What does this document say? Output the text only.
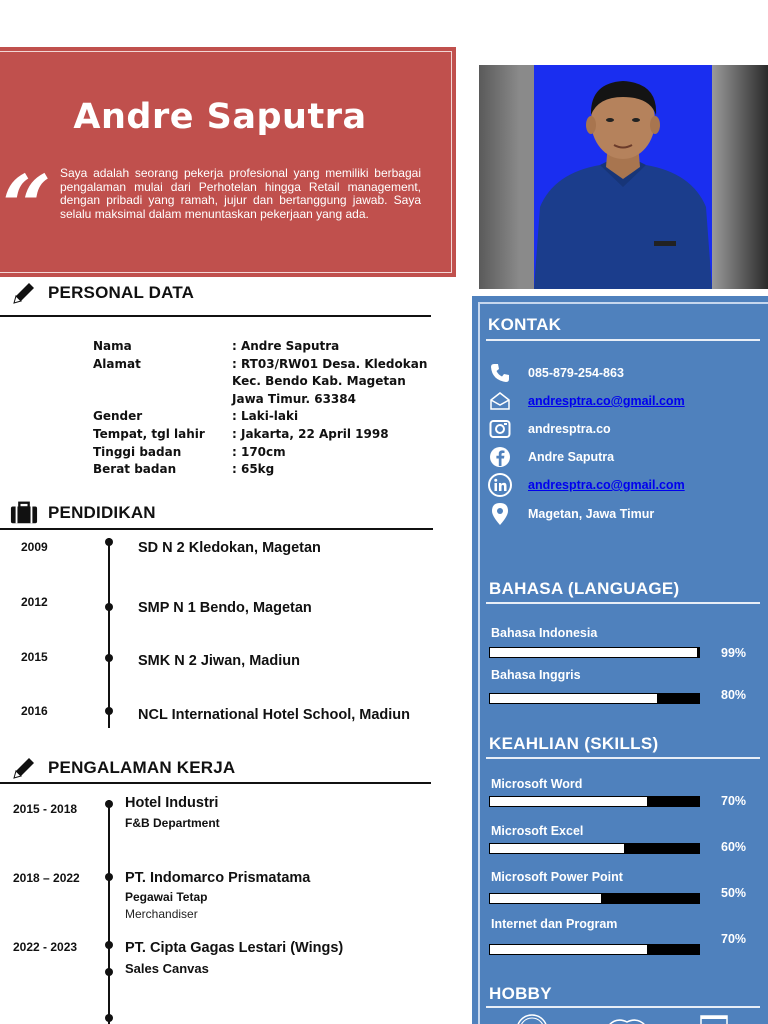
Andre Saputra
“ Saya adalah seorang pekerja profesional yang memiliki berbagai pengalaman mulai dari Perhotelan hingga Retail management, dengan pribadi yang ramah, jujur dan bertanggung jawab. Saya selalu maksimal dalam menuntaskan pekerjaan yang ada.
PERSONAL DATA
Nama	: Andre Saputra
Alamat	: RT03/RW01 Desa. Kledokan
Kec. Bendo Kab. Magetan
Jawa Timur. 63384
Gender	: Laki-laki
Tempat, tgl lahir	: Jakarta, 22 April 1998
Tinggi badan	: 170cm
Berat badan	: 65kg
PENDIDIKAN
2009	SD N 2 Kledokan, Magetan
2012	SMP N 1 Bendo, Magetan
2015	SMK N 2 Jiwan, Madiun
2016	NCL International Hotel School, Madiun
PENGALAMAN KERJA
2015 - 2018	Hotel Industri
F&B Department
2018 – 2022	PT. Indomarco Prismatama
Pegawai Tetap
Merchandiser
2022 - 2023	PT. Cipta Gagas Lestari (Wings)
Sales Canvas
KONTAK
085-879-254-863
andresptra.co@gmail.com
andresptra.co
Andre Saputra
andresptra.co@gmail.com
Magetan, Jawa Timur
BAHASA (LANGUAGE)
Bahasa Indonesia
99%
Bahasa Inggris
80%
KEAHLIAN (SKILLS)
Microsoft Word
70%
Microsoft Excel
60%
Microsoft Power Point
50%
Internet dan Program
70%
HOBBY
